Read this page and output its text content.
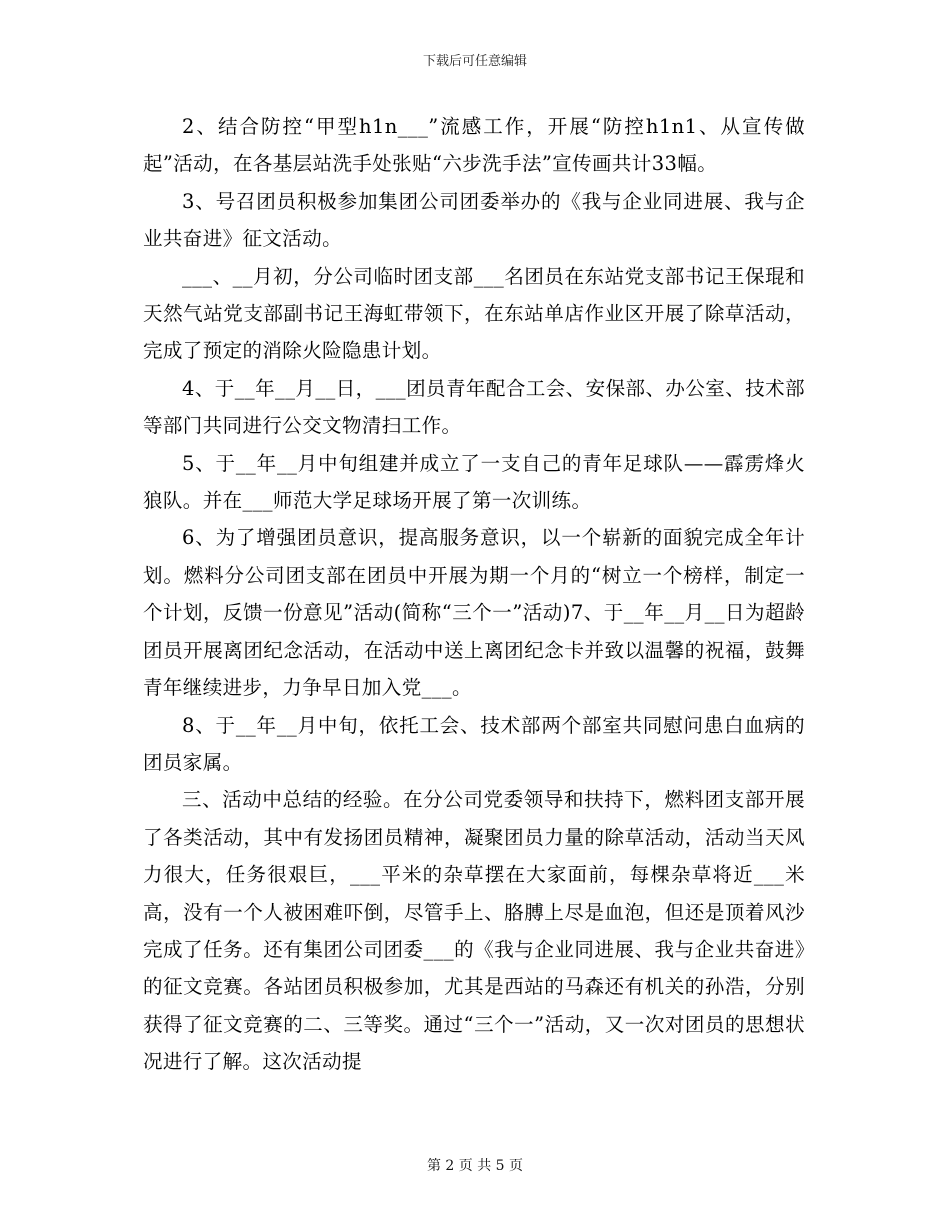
下载后可任意编辑

2、结合防控“甲型h1n___”流感工作，开展“防控h1n1、从宣传做起”活动，在各基层站洗手处张贴“六步洗手法”宣传画共计33幅。

3、号召团员积极参加集团公司团委举办的《我与企业同进展、我与企业共奋进》征文活动。

___、__月初，分公司临时团支部___名团员在东站党支部书记王保琨和天然气站党支部副书记王海虹带领下，在东站单店作业区开展了除草活动，完成了预定的消除火险隐患计划。

4、于__年__月__日，___团员青年配合工会、安保部、办公室、技术部等部门共同进行公交文物清扫工作。

5、于__年__月中旬组建并成立了一支自己的青年足球队——霹雳烽火狼队。并在___师范大学足球场开展了第一次训练。

6、为了增强团员意识，提高服务意识，以一个崭新的面貌完成全年计划。燃料分公司团支部在团员中开展为期一个月的“树立一个榜样，制定一个计划，反馈一份意见”活动(简称“三个一”活动)7、于__年__月__日为超龄团员开展离团纪念活动，在活动中送上离团纪念卡并致以温馨的祝福，鼓舞青年继续进步，力争早日加入党___。

8、于__年__月中旬，依托工会、技术部两个部室共同慰问患白血病的团员家属。

三、活动中总结的经验。在分公司党委领导和扶持下，燃料团支部开展了各类活动，其中有发扬团员精神，凝聚团员力量的除草活动，活动当天风力很大，任务很艰巨，___平米的杂草摆在大家面前，每棵杂草将近___米高，没有一个人被困难吓倒，尽管手上、胳膊上尽是血泡，但还是顶着风沙完成了任务。还有集团公司团委___的《我与企业同进展、我与企业共奋进》的征文竞赛。各站团员积极参加，尤其是西站的马森还有机关的孙浩，分别获得了征文竞赛的二、三等奖。通过“三个一”活动，又一次对团员的思想状况进行了解。这次活动提

第 2 页 共 5 页
